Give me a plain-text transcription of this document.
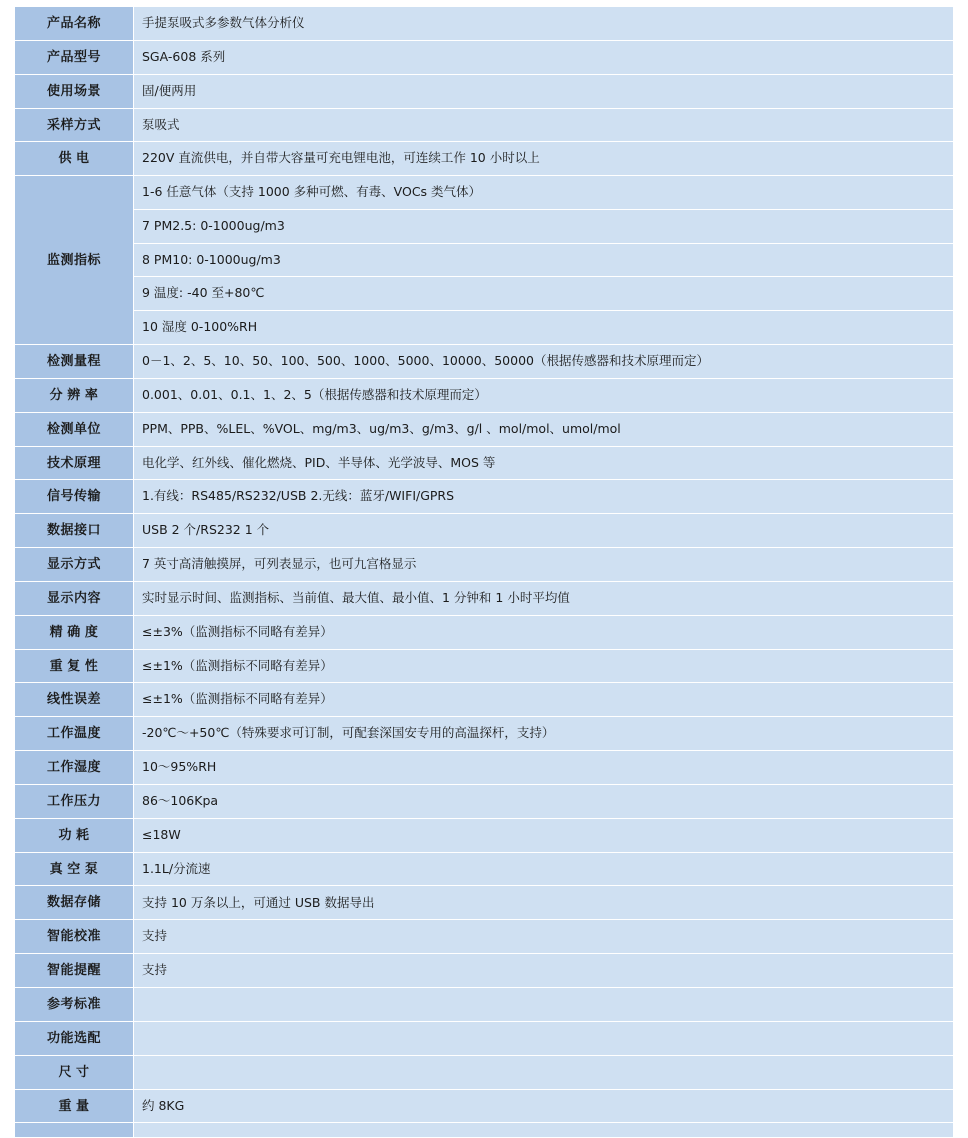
产品名称	手提泵吸式多参数气体分析仪
产品型号	SGA-608 系列
使用场景	固/便两用
采样方式	泵吸式
供 电	220V 直流供电，并自带大容量可充电锂电池，可连续工作 10 小时以上
监测指标	1-6 任意气体（支持 1000 多种可燃、有毒、VOCs 类气体）
7 PM2.5: 0-1000ug/m3
8 PM10: 0-1000ug/m3
9 温度: -40 至+80℃
10 湿度 0-100%RH

检测量程	0－1、2、5、10、50、100、500、1000、5000、10000、50000（根据传感器和技术原理而定）
分 辨 率	0.001、0.01、0.1、1、2、5（根据传感器和技术原理而定）
检测单位	PPM、PPB、%LEL、%VOL、mg/m3、ug/m3、g/m3、g/l 、mol/mol、umol/mol
技术原理	电化学、红外线、催化燃烧、PID、半导体、光学波导、MOS 等
信号传输	1.有线：RS485/RS232/USB 2.无线：蓝牙/WIFI/GPRS
数据接口	USB 2 个/RS232 1 个
显示方式	7 英寸高清触摸屏，可列表显示，也可九宫格显示
显示内容	实时显示时间、监测指标、当前值、最大值、最小值、1 分钟和 1 小时平均值
精 确 度	≤±3%（监测指标不同略有差异）
重 复 性	≤±1%（监测指标不同略有差异）
线性误差	≤±1%（监测指标不同略有差异）
工作温度	-20℃～+50℃（特殊要求可订制，可配套深国安专用的高温探杆，支持）
工作湿度	10～95%RH
工作压力	86～106Kpa
功 耗	≤18W
真 空 泵	1.1L/分流速
数据存储	支持 10 万条以上，可通过 USB 数据导出
智能校准	支持
智能提醒	支持
参考标准	
功能选配	

尺 寸	

重 量	约 8KG
